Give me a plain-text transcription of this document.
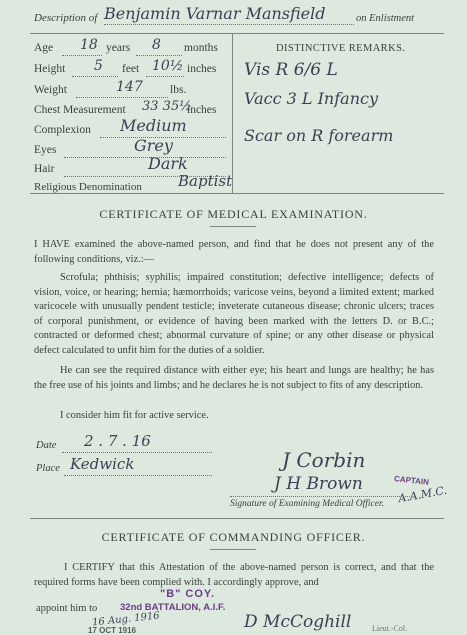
Description of Benjamin Varnar Mansfield	on Enlistment
Age 18 years 8 months
Height 5 feet 10½ inches
Weight	147 lbs.
Chest Measurement 33 35½
inches
Complexion Medium
Eyes	Grey
Hair	Dark
Religious Denomination Baptist
DISTINCTIVE REMARKS.
Vis R 6/6 L
Vacc 3 L Infancy
Scar on R forearm
CERTIFICATE OF MEDICAL EXAMINATION.
I HAVE examined the above-named person, and find that he does not present any of the following conditions, viz.:—
Scrofula; phthisis; syphilis; impaired constitution; defective intelligence; defects of vision, voice, or hearing; hernia; hæmorrhoids; varicose veins, beyond a limited extent; marked varicocele with unusually pendent testicle; inveterate cutaneous disease; chronic ulcers; traces of corporal punishment, or evidence of having been marked with the letters D. or B.C.; contracted or deformed chest; abnormal curvature of spine; or any other disease or physical defect calculated to unfit him for the duties of a soldier.
He can see the required distance with either eye; his heart and lungs are healthy; he has the free use of his joints and limbs; and he declares he is not subject to fits of any description.
I consider him fit for active service.
Date 2 . 7 . 16
Place Kedwick	J Corbin
J H Brown	CAPTAIN
A.A.M.C.
Signature of Examining Medical Officer.
CERTIFICATE OF COMMANDING OFFICER.
I CERTIFY that this Attestation of the above-named person is correct, and that the required forms have been complied with. I accordingly approve, and
"B" COY.
appoint him to 32nd BATTALION, A.I.F.
16 Aug. 1916
17 OCT 1916	D McCoghill	Lieut.-Col.
